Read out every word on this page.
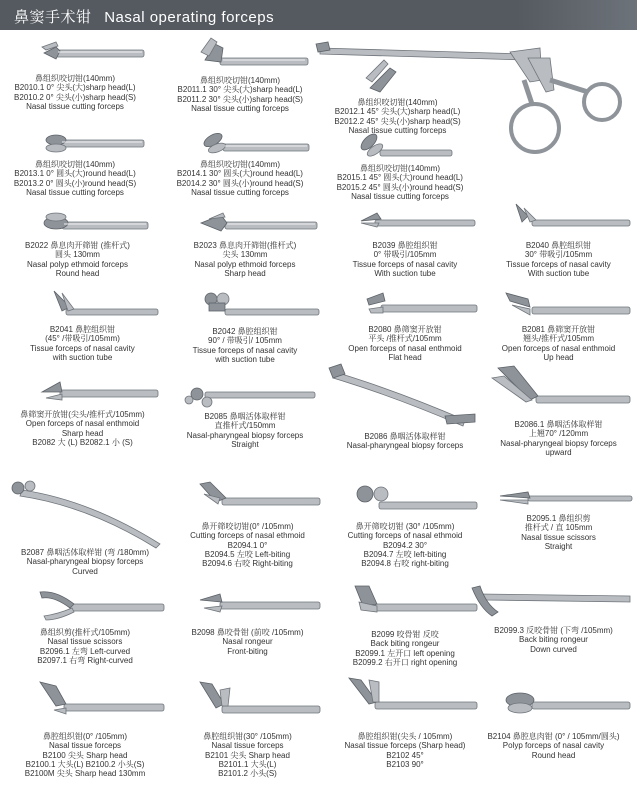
鼻窦手术钳 Nasal operating forceps
鼻组织咬切钳(140mm)
B2010.1 0° 尖头(大)sharp head(L)
B2010.2 0° 尖头(小)sharp head(S)
Nasal tissue cutting forceps
鼻组织咬切钳(140mm)
B2011.1 30° 尖头(大)sharp head(L)
B2011.2 30° 尖头(小)sharp head(S)
Nasal tissue cutting forceps
鼻组织咬切钳(140mm)
B2012.1 45° 尖头(大)sharp head(L)
B2012.2 45° 尖头(小)sharp head(S)
Nasal tissue cutting forceps
鼻组织咬切钳(140mm)
B2013.1 0° 圆头(大)round head(L)
B2013.2 0° 圆头(小)round head(S)
Nasal tissue cutting forceps
鼻组织咬切钳(140mm)
B2014.1 30° 圆头(大)round head(L)
B2014.2 30° 圆头(小)round head(S)
Nasal tissue cutting forceps
鼻组织咬切钳(140mm)
B2015.1 45° 圆头(大)round head(L)
B2015.2 45° 圆头(小)round head(S)
Nasal tissue cutting forceps
B2022 鼻息肉开筛钳 (推杆式)
圆头 130mm
Nasal polyp ethmoid forceps
Round head
B2023 鼻息肉开筛钳(推杆式)
尖头 130mm
Nasal polyp ethmoid forceps
Sharp head
B2039 鼻腔组织钳
0° 带吸引/105mm
Tissue forceps of nasal cavity
With suction tube
B2040 鼻腔组织钳
30° 带吸引/105mm
Tissue forceps of nasal cavity
With suction tube
B2041 鼻腔组织钳
(45° /带吸引/105mm)
Tissue forceps of nasal cavity
with suction tube
B2042 鼻腔组织钳
90° / 带吸引/ 105mm
Tissue forceps of nasal cavity
with suction tube
B2080 鼻筛窦开放钳
平头 /推杆式/105mm
Open forceps of nasal enthmoid
Flat head
B2081 鼻筛窦开放钳
翘头/推杆式/105mm
Open forceps of nasal enthmoid
Up head
鼻筛窦开放钳(尖头/推杆式/105mm)
Open forceps of nasal enthmoid
Sharp head
B2082 大 (L) B2082.1 小 (S)
B2085 鼻咽活体取样钳
直推杆式/150mm
Nasal-pharyngeal biopsy forceps
Straight
B2086 鼻咽活体取样钳
Nasal-pharyngeal biopsy forceps
B2086.1 鼻咽活体取样钳
上翘70° /120mm
Nasal-pharyngeal biopsy forceps
upward
B2087 鼻咽活体取样钳 (弯 /180mm)
Nasal-pharyngeal biopsy forceps
Curved
鼻开筛咬切钳(0° /105mm)
Cutting forceps of nasal ethmoid
B2094.1 0°
B2094.5 左咬 Left-biting
B2094.6 右咬 Right-biting
鼻开筛咬切钳 (30° /105mm)
Cutting forceps of nasal ethmoid
B2094.2 30°
B2094.7 左咬 left-biting
B2094.8 右咬 right-biting
B2095.1 鼻组织剪
推杆式 / 直 105mm
Nasal tissue scissors
Straight
鼻组织剪(推杆式/105mm)
Nasal tissue scissors
B2096.1 左弯 Left-curved
B2097.1 右弯 Right-curved
B2098 鼻咬骨钳 (前咬 /105mm)
Nasal rongeur
Front-biting
B2099 咬骨钳 反咬
Back biting rongeur
B2099.1 左开口 left opening
B2099.2 右开口 right opening
B2099.3 反咬骨钳 (下弯 /105mm)
Back biting rongeur
Down curved
鼻腔组织钳(0° /105mm)
Nasal tissue forceps
B2100 尖头 Sharp head
B2100.1 大头(L) B2100.2 小头(S)
B2100M 尖头 Sharp head 130mm
鼻腔组织钳(30° /105mm)
Nasal tissue forceps
B2101 尖头 Sharp head
B2101.1 大头(L)
B2101.2 小头(S)
鼻腔组织钳(尖头 / 105mm)
Nasal tissue forceps (Sharp head)
B2102 45°
B2103 90°
B2104 鼻腔息肉钳 (0° / 105mm/圆头)
Polyp forceps of nasal cavity
Round head
